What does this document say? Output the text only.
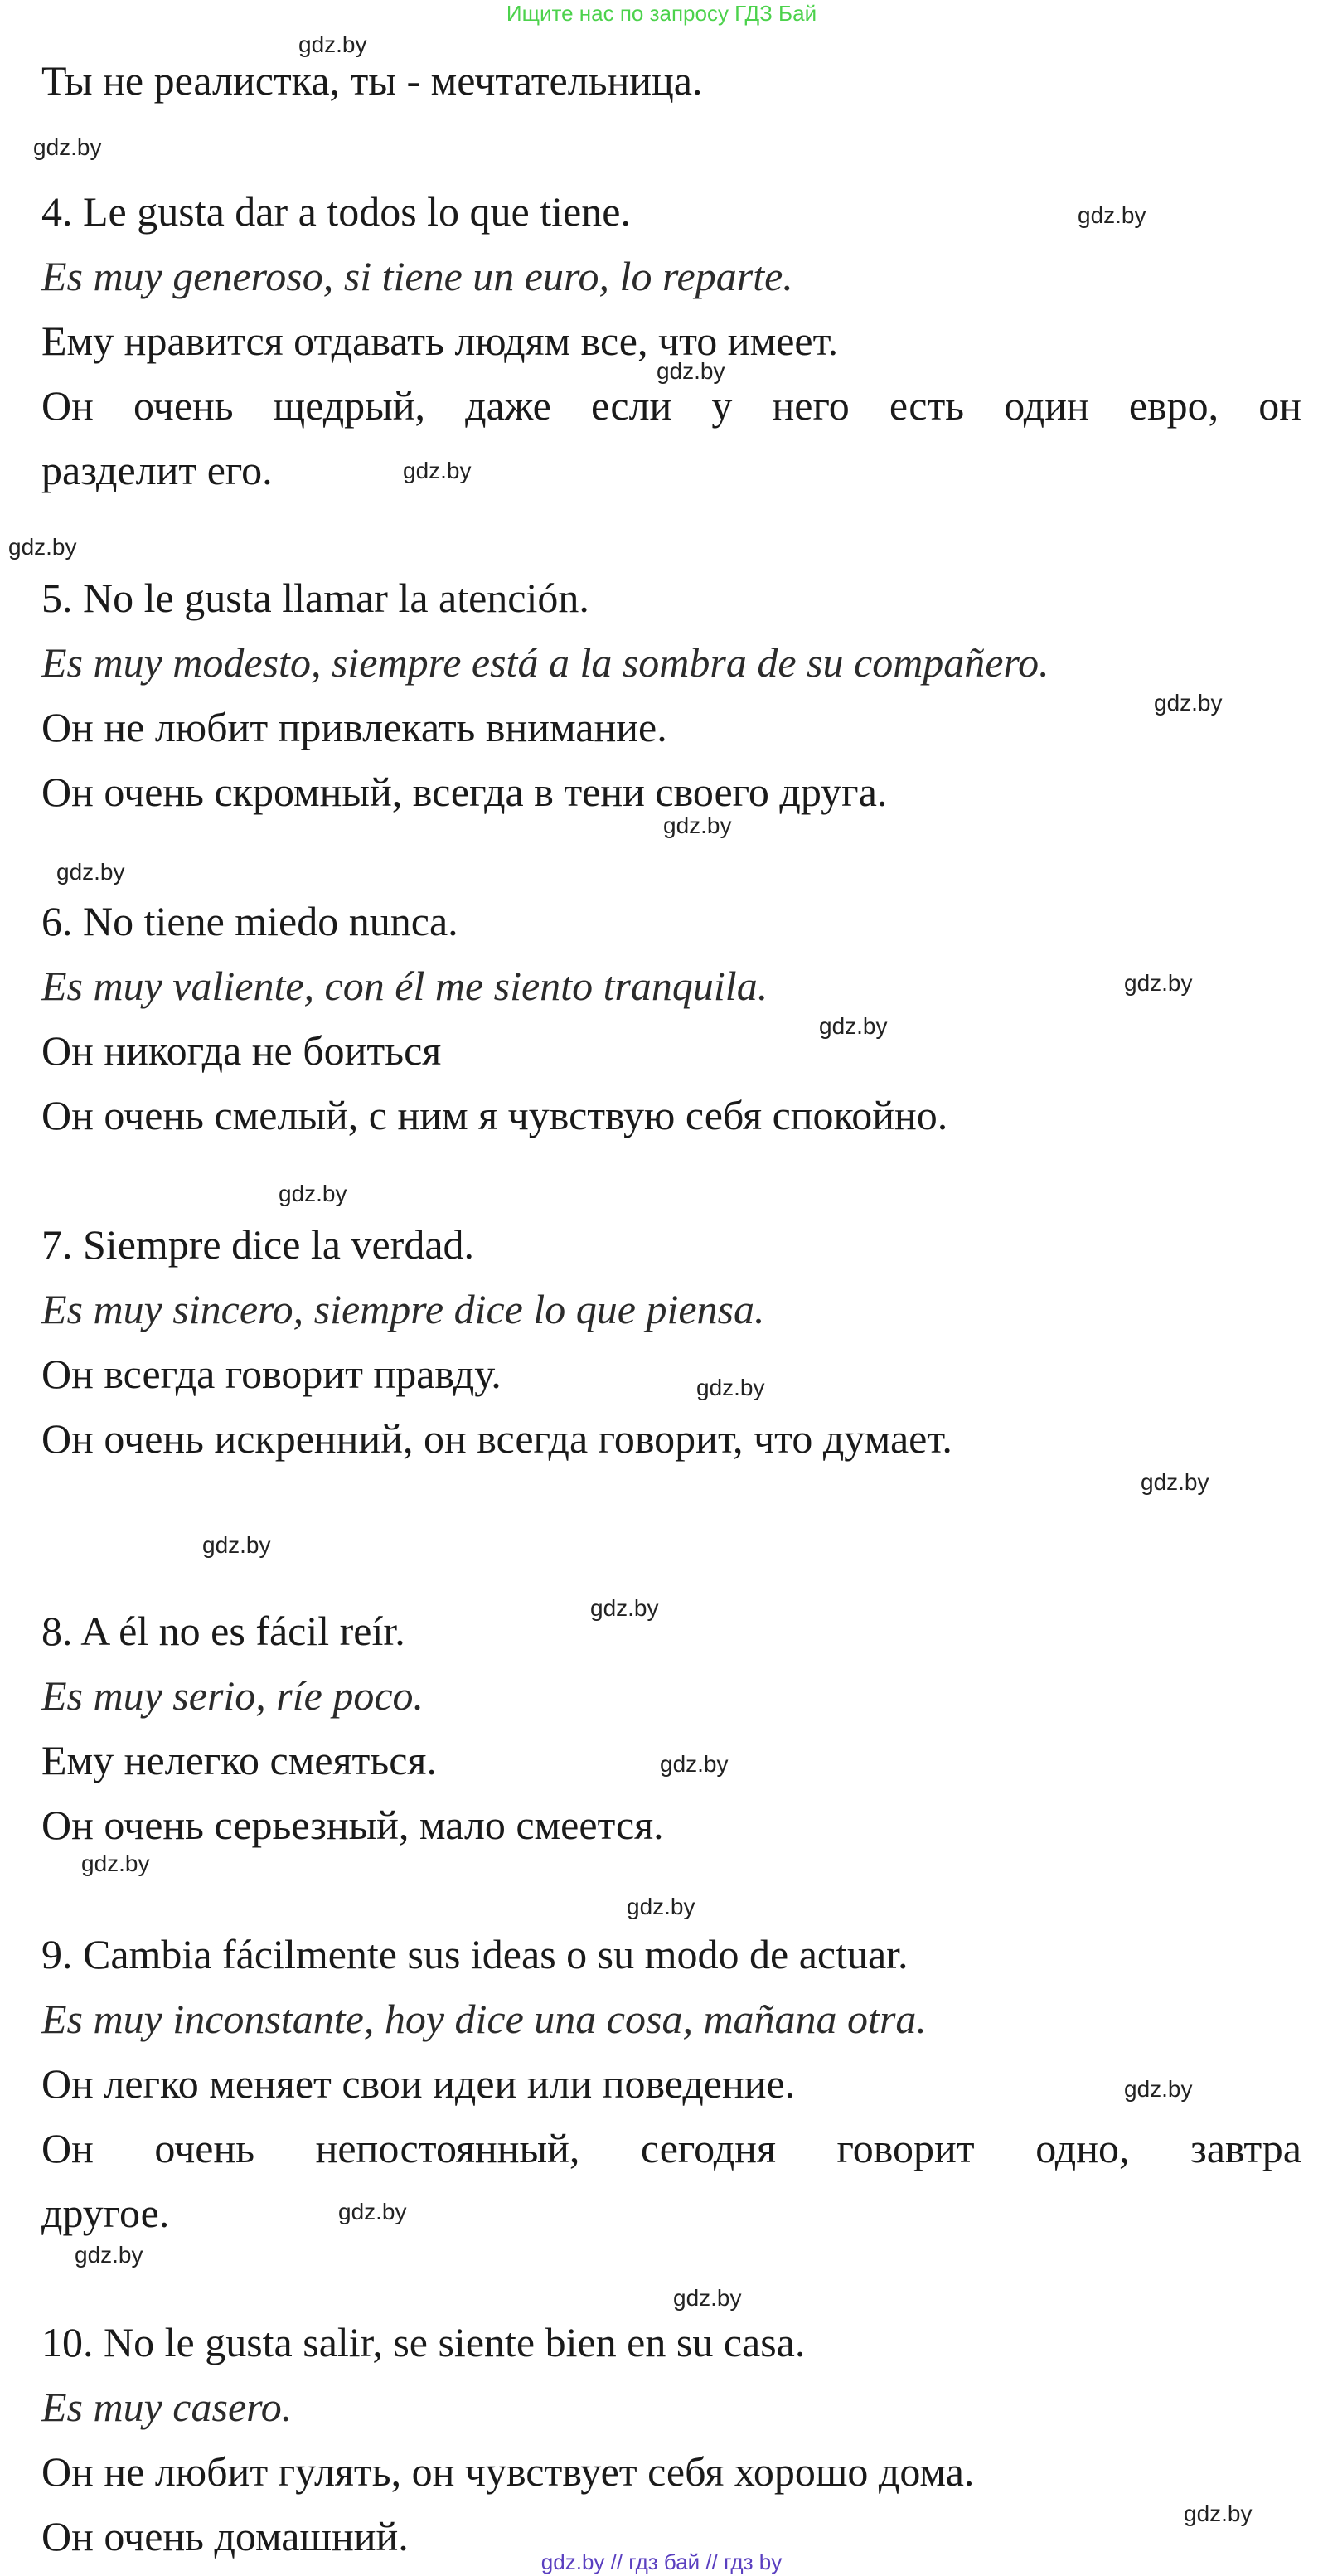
Ищите нас по запросу ГДЗ Бай
Ты не реалистка, ты - мечтательница.
4. Le gusta dar a todos lo que tiene.
Es muy generoso, si tiene un euro, lo reparte.
Ему нравится отдавать людям все, что имеет.
Он очень щедрый, даже если у него есть один евро, он
разделит его.
5. No le gusta llamar la atención.
Es muy modesto, siempre está a la sombra de su compañero.
Он не любит привлекать внимание.
Он очень скромный, всегда в тени своего друга.
6. No tiene miedo nunca.
Es muy valiente, con él me siento tranquila.
Он никогда не боиться
Он очень смелый, с ним я чувствую себя спокойно.
7. Siempre dice la verdad.
Es muy sincero, siempre dice lo que piensa.
Он всегда говорит правду.
Он очень искренний, он всегда говорит, что думает.
8. A él no es fácil reír.
Es muy serio, ríe poco.
Ему нелегко смеяться.
Он очень серьезный, мало смеется.
9. Cambia fácilmente sus ideas o su modo de actuar.
Es muy inconstante, hoy dice una cosa, mañana otra.
Он легко меняет свои идеи или поведение.
Он очень непостоянный, сегодня говорит одно, завтра
другое.
10. No le gusta salir, se siente bien en su casa.
Es muy casero.
Он не любит гулять, он чувствует себя хорошо дома.
Он очень домашний.
gdz.by
gdz.by
gdz.by
gdz.by
gdz.by
gdz.by
gdz.by
gdz.by
gdz.by
gdz.by
gdz.by
gdz.by
gdz.by
gdz.by
gdz.by
gdz.by
gdz.by
gdz.by
gdz.by
gdz.by
gdz.by
gdz.by
gdz.by
gdz.by
gdz.by // гдз бай // гдз by
